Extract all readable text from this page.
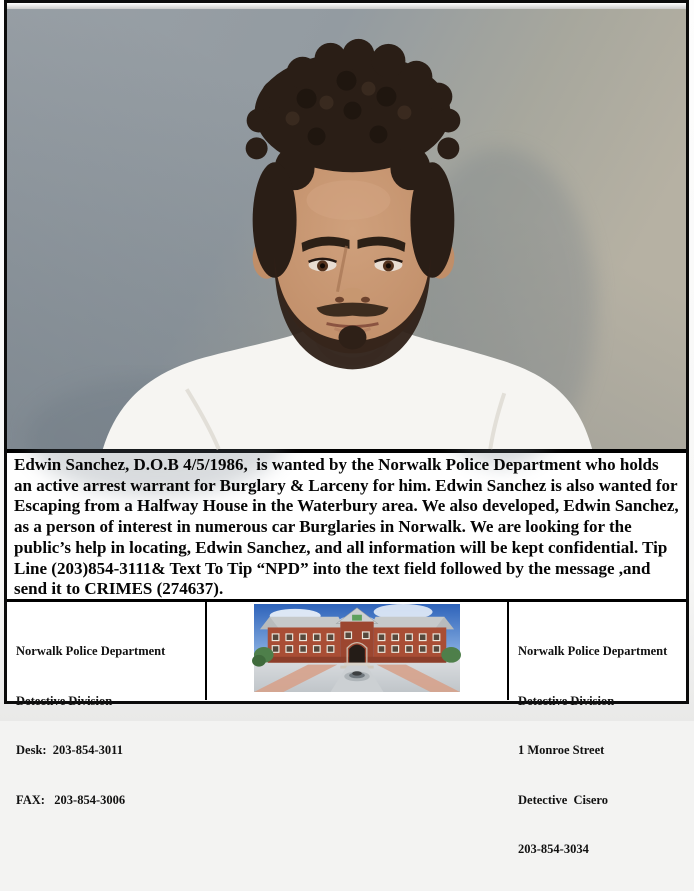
Edwin Sanchez, D.O.B 4/5/1986,  is wanted by the Norwalk Police Department who holds an active arrest warrant for Burglary & Larceny for him. Edwin Sanchez is also wanted for Escaping from a Halfway House in the Waterbury area. We also developed, Edwin Sanchez, as a person of interest in numerous car Burglaries in Norwalk. We are looking for the public’s help in locating, Edwin Sanchez, and all information will be kept confidential. Tip Line (203)854-3111& Text To Tip “NPD” into the text field followed by the message ,and send it to CRIMES (274637).

Norwalk Police Department

Detective Division

Desk:  203-854-3011

FAX:   203-854-3006

Norwalk Police Department

Detective Division

1 Monroe Street

Detective  Cisero

203-854-3034
